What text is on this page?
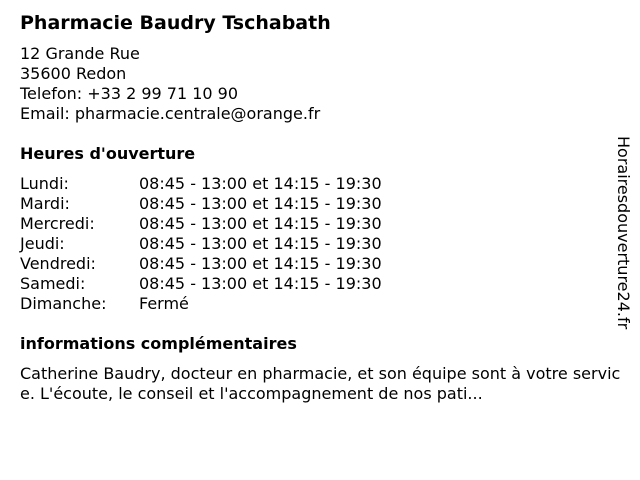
Pharmacie Baudry Tschabath
12 Grande Rue
35600 Redon
Telefon: +33 2 99 71 10 90
Email: pharmacie.centrale@orange.fr
Heures d'ouverture
Lundi:	08:45 - 13:00 et 14:15 - 19:30
Mardi:	08:45 - 13:00 et 14:15 - 19:30
Mercredi:	08:45 - 13:00 et 14:15 - 19:30
Jeudi:	08:45 - 13:00 et 14:15 - 19:30
Vendredi:	08:45 - 13:00 et 14:15 - 19:30
Samedi:	08:45 - 13:00 et 14:15 - 19:30
Dimanche: Fermé
informations complémentaires

Catherine Baudry, docteur en pharmacie, et son équipe sont à votre service. L'écoute, le conseil et l'accompagnement de nos pati...

Horairesdouverture24.fr
